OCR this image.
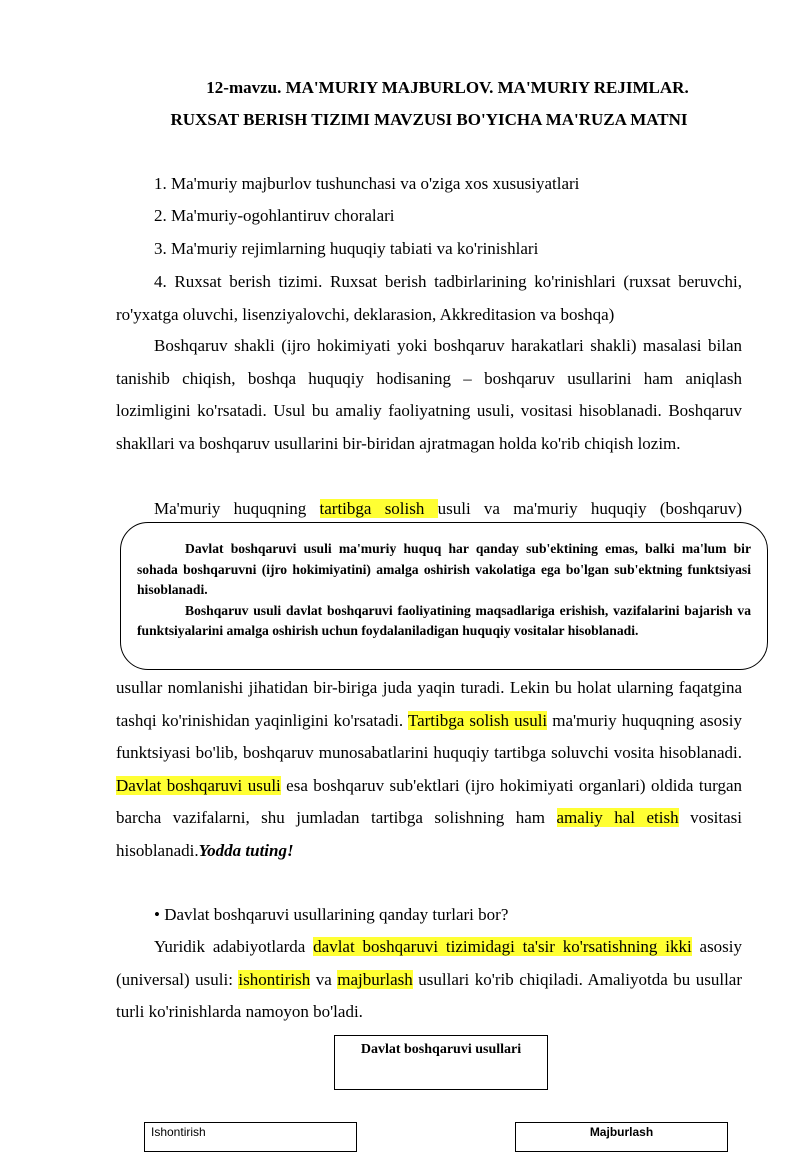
12-mavzu. MA'MURIY MAJBURLOV. MA'MURIY REJIMLAR.
RUXSAT BERISH TIZIMI MAVZUSI BO'YICHA MA'RUZA MATNI
1. Ma'muriy majburlov tushunchasi va o'ziga xos xususiyatlari
2. Ma'muriy-ogohlantiruv choralari
3. Ma'muriy rejimlarning huquqiy tabiati va ko'rinishlari

4. Ruxsat berish tizimi. Ruxsat berish tadbirlarining ko'rinishlari (ruxsat beruvchi, ro'yxatga oluvchi, lisenziyalovchi, deklarasion, Akkreditasion va boshqa)

Boshqaruv shakli (ijro hokimiyati yoki boshqaruv harakatlari shakli) masalasi bilan tanishib chiqish, boshqa huquqiy hodisaning – boshqaruv usullarini ham aniqlash lozimligini ko'rsatadi. Usul bu amaliy faoliyatning usuli, vositasi hisoblanadi. Boshqaruv shakllari va boshqaruv usullarini bir-biridan ajratmagan holda ko'rib chiqish lozim.

Ma'muriy huquqning tartibga solish usuli va ma'muriy huquqiy (boshqaruv)

Davlat boshqaruvi usuli ma'muriy huquq har qanday sub'ektining emas, balki ma'lum bir sohada boshqaruvni (ijro hokimiyatini) amalga oshirish vakolatiga ega bo'lgan sub'ektning funktsiyasi hisoblanadi.

Boshqaruv usuli davlat boshqaruvi faoliyatining maqsadlariga erishish, vazifalarini bajarish va funktsiyalarini amalga oshirish uchun foydalaniladigan huquqiy vositalar hisoblanadi.

usullar nomlanishi jihatidan bir-biriga juda yaqin turadi. Lekin bu holat ularning faqatgina tashqi ko'rinishidan yaqinligini ko'rsatadi. Tartibga solish usuli ma'muriy huquqning asosiy funktsiyasi bo'lib, boshqaruv munosabatlarini huquqiy tartibga soluvchi vosita hisoblanadi. Davlat boshqaruvi usuli esa boshqaruv sub'ektlari (ijro hokimiyati organlari) oldida turgan barcha vazifalarni, shu jumladan tartibga solishning ham amaliy hal etish vositasi hisoblanadi.Yodda tuting!

• Davlat boshqaruvi usullarining qanday turlari bor?

Yuridik adabiyotlarda davlat boshqaruvi tizimidagi ta'sir ko'rsatishning ikki asosiy (universal) usuli: ishontirish va majburlash usullari ko'rib chiqiladi. Amaliyotda bu usullar turli ko'rinishlarda namoyon bo'ladi.

Davlat boshqaruvi usullari
Ishontirish	Majburlash
